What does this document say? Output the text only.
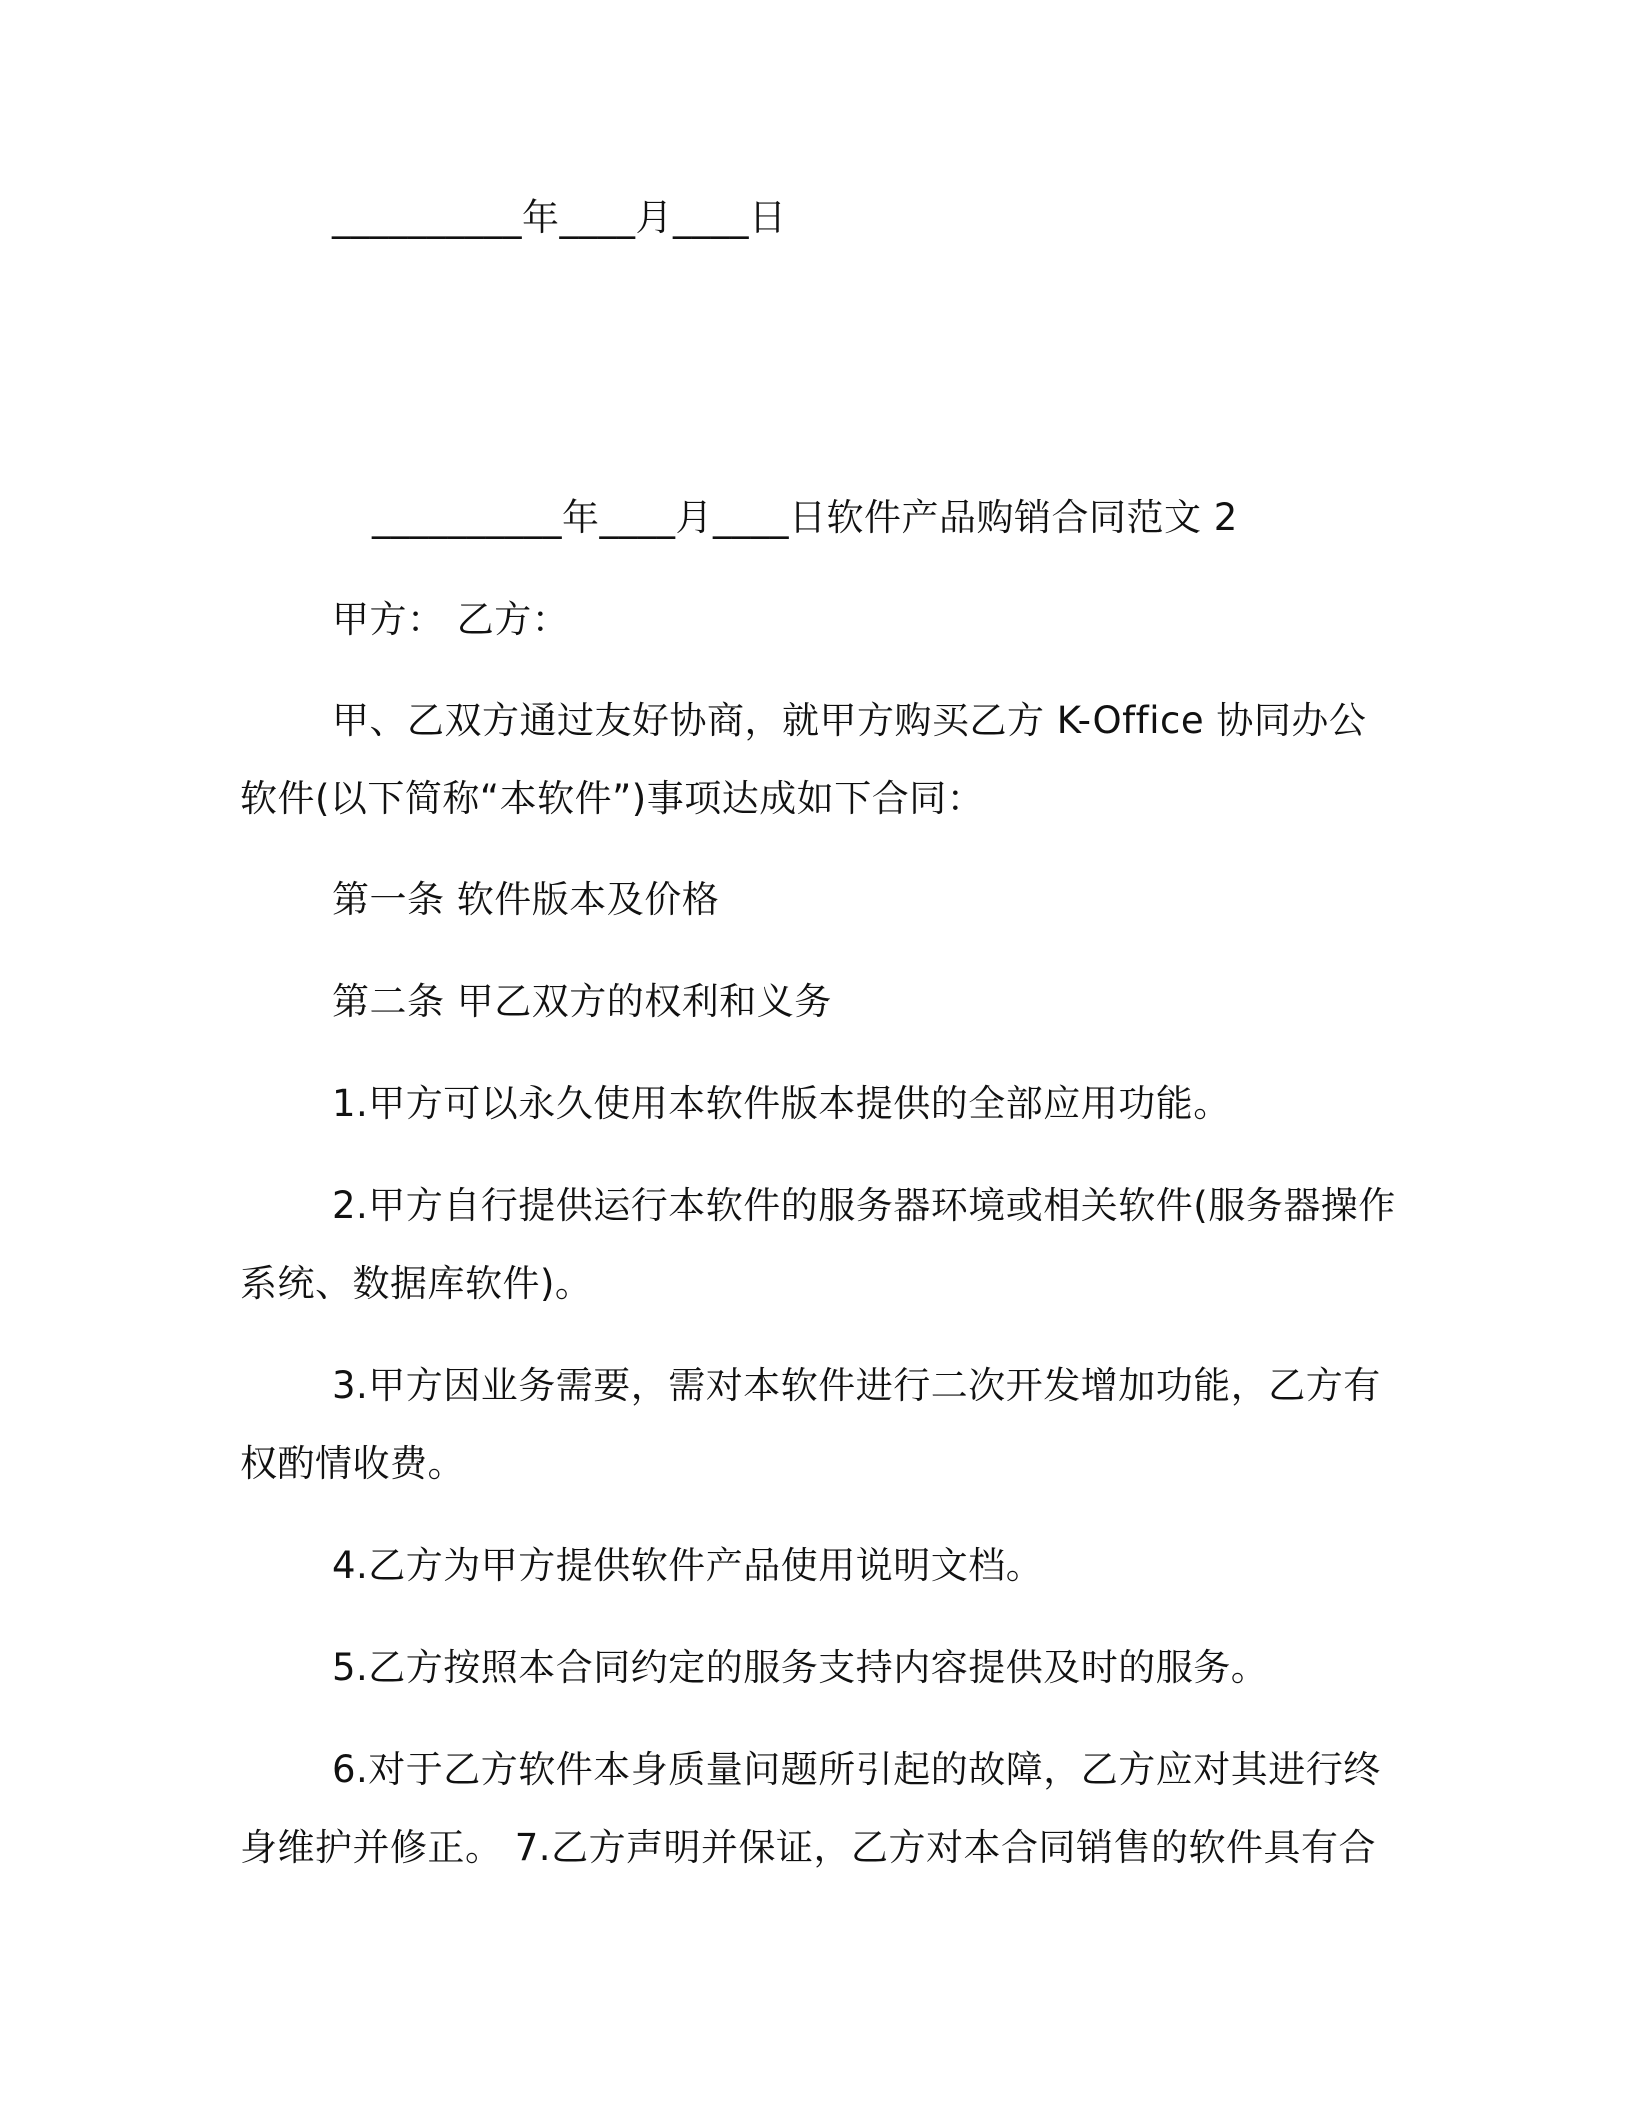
__________年____月____日
__________年____月____日软件产品购销合同范文 2
甲方： 乙方：
甲、乙双方通过友好协商，就甲方购买乙方 K-Office 协同办公
软件(以下简称“本软件”)事项达成如下合同：
第一条 软件版本及价格
第二条 甲乙双方的权利和义务
1.甲方可以永久使用本软件版本提供的全部应用功能。
2.甲方自行提供运行本软件的服务器环境或相关软件(服务器操作
系统、数据库软件)。
3.甲方因业务需要，需对本软件进行二次开发增加功能，乙方有
权酌情收费。
4.乙方为甲方提供软件产品使用说明文档。
5.乙方按照本合同约定的服务支持内容提供及时的服务。
6.对于乙方软件本身质量问题所引起的故障，乙方应对其进行终
身维护并修正。 7.乙方声明并保证，乙方对本合同销售的软件具有合
